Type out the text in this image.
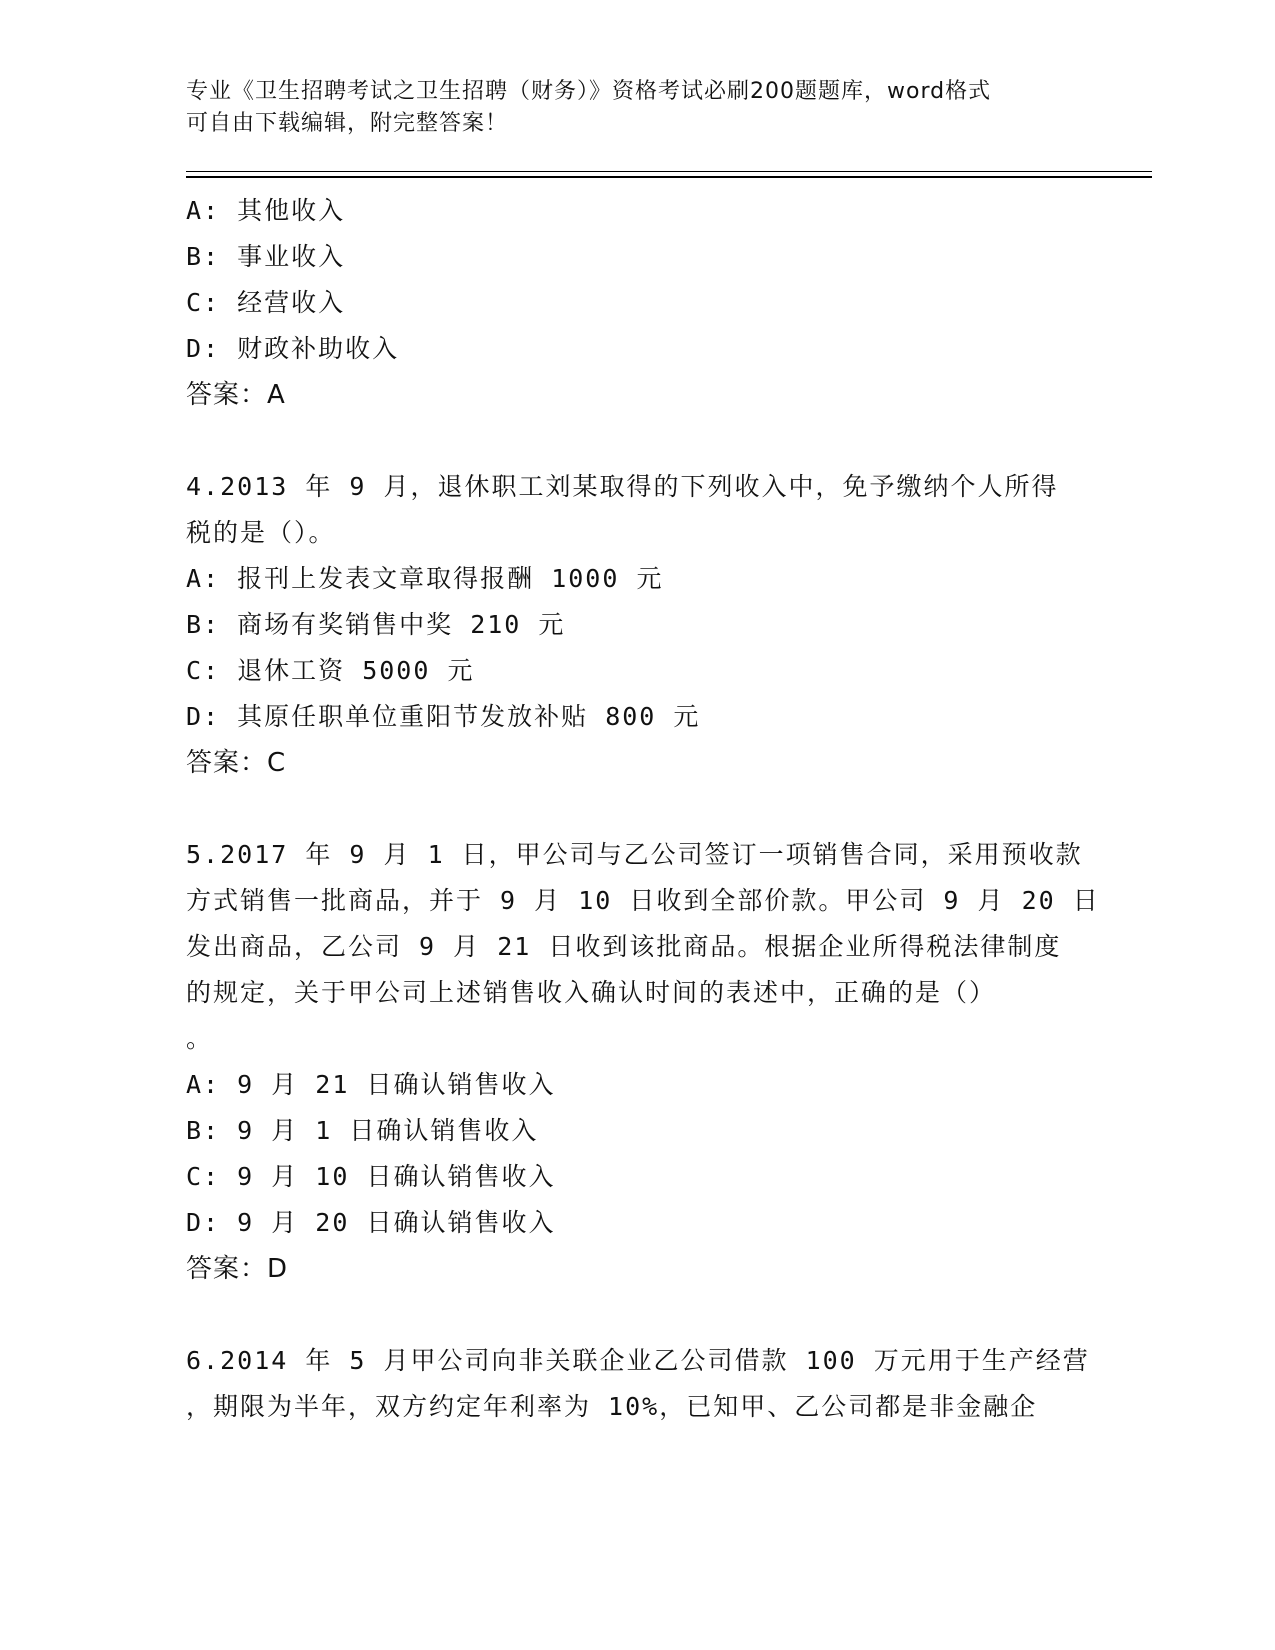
专业《卫生招聘考试之卫生招聘（财务）》资格考试必刷200题题库，word格式
可自由下载编辑，附完整答案！
A: 其他收入
B: 事业收入
C: 经营收入
D: 财政补助收入
答案：A
4.2013 年 9 月，退休职工刘某取得的下列收入中，免予缴纳个人所得
税的是（）。
A: 报刊上发表文章取得报酬 1000 元
B: 商场有奖销售中奖 210 元
C: 退休工资 5000 元
D: 其原任职单位重阳节发放补贴 800 元
答案：C
5.2017 年 9 月 1 日，甲公司与乙公司签订一项销售合同，采用预收款
方式销售一批商品，并于 9 月 10 日收到全部价款。甲公司 9 月 20 日
发出商品，乙公司 9 月 21 日收到该批商品。根据企业所得税法律制度
的规定，关于甲公司上述销售收入确认时间的表述中，正确的是（）
。
A: 9 月 21 日确认销售收入
B: 9 月 1 日确认销售收入
C: 9 月 10 日确认销售收入
D: 9 月 20 日确认销售收入
答案：D
6.2014 年 5 月甲公司向非关联企业乙公司借款 100 万元用于生产经营
，期限为半年，双方约定年利率为 10%，已知甲、乙公司都是非金融企
